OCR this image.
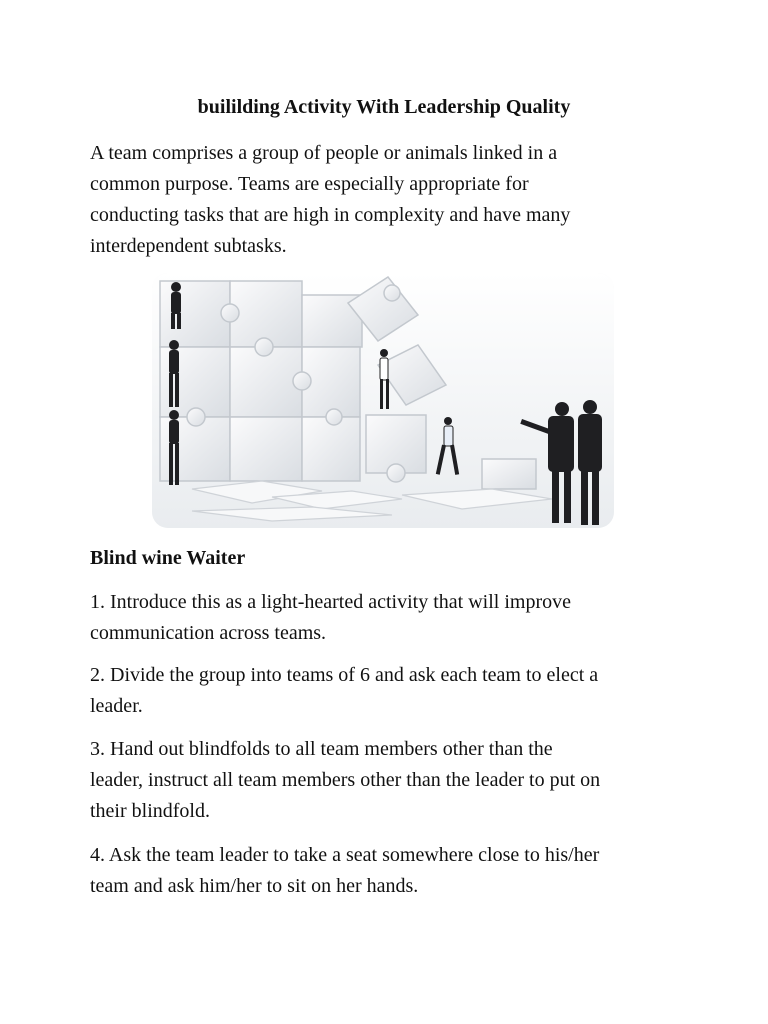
buililding Activity With Leadership Quality

A team comprises a group of people or animals linked in a
common purpose. Teams are especially appropriate for
conducting tasks that are high in complexity and have many
interdependent subtasks.

Blind wine Waiter

1. Introduce this as a light-hearted activity that will improve
communication across teams.

2. Divide the group into teams of 6 and ask each team to elect a
leader.

3. Hand out blindfolds to all team members other than the
leader, instruct all team members other than the leader to put on
their blindfold.

4. Ask the team leader to take a seat somewhere close to his/her
team and ask him/her to sit on her hands.
